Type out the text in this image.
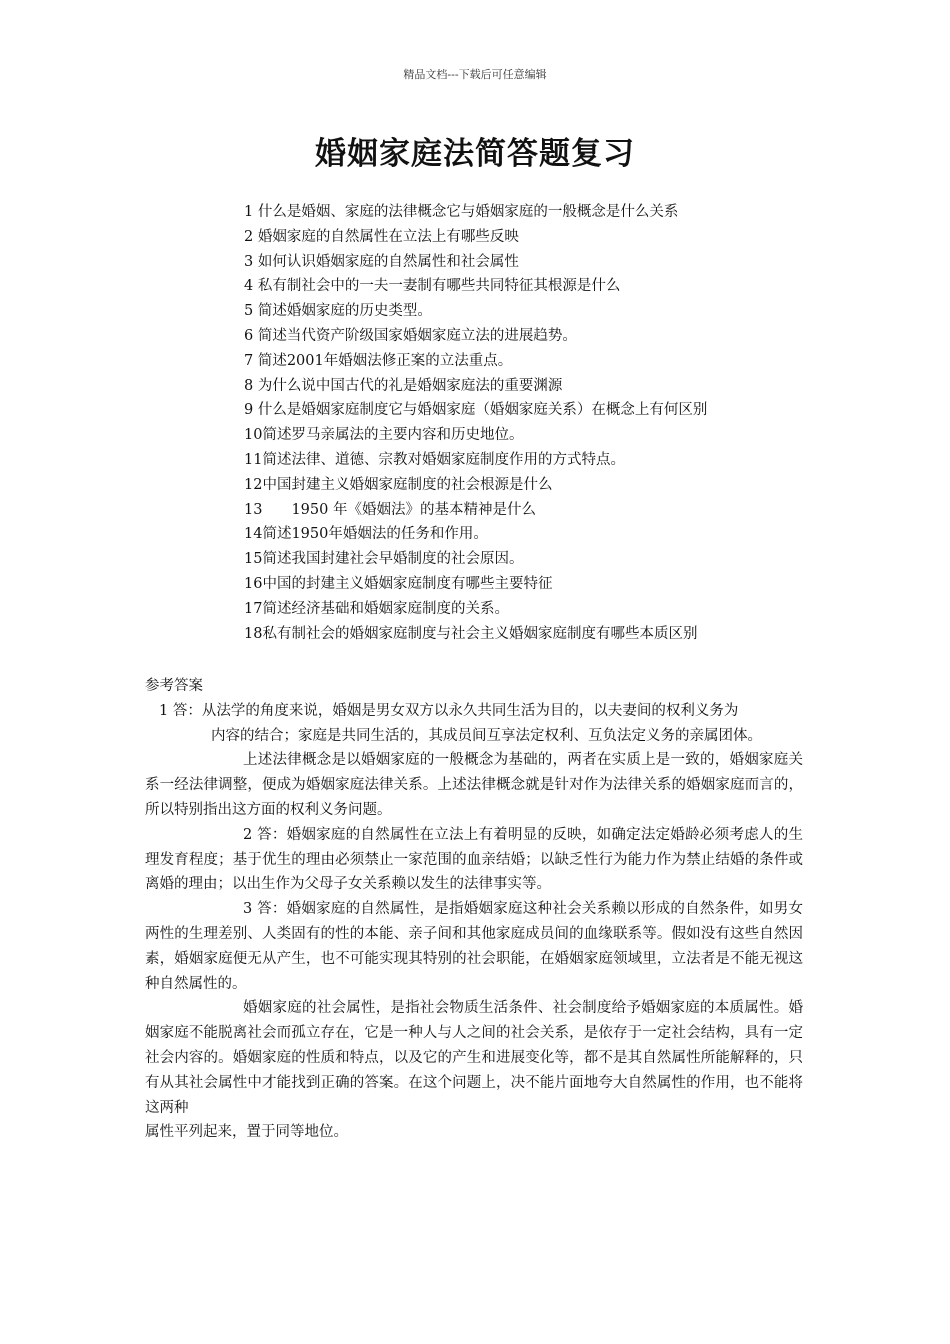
精品文档---下载后可任意编辑
婚姻家庭法简答题复习
1 什么是婚姻、家庭的法律概念它与婚姻家庭的一般概念是什么关系
2 婚姻家庭的自然属性在立法上有哪些反映
3 如何认识婚姻家庭的自然属性和社会属性
4 私有制社会中的一夫一妻制有哪些共同特征其根源是什么
5 简述婚姻家庭的历史类型。
6 简述当代资产阶级国家婚姻家庭立法的进展趋势。
7 简述2001年婚姻法修正案的立法重点。
8 为什么说中国古代的礼是婚姻家庭法的重要渊源
9 什么是婚姻家庭制度它与婚姻家庭（婚姻家庭关系）在概念上有何区别
10简述罗马亲属法的主要内容和历史地位。
11简述法律、道德、宗教对婚姻家庭制度作用的方式特点。
12中国封建主义婚姻家庭制度的社会根源是什么
13　　1950 年《婚姻法》的基本精神是什么
14简述1950年婚姻法的任务和作用。
15简述我国封建社会早婚制度的社会原因。
16中国的封建主义婚姻家庭制度有哪些主要特征
17简述经济基础和婚姻家庭制度的关系。
18私有制社会的婚姻家庭制度与社会主义婚姻家庭制度有哪些本质区别
参考答案

1 答：从法学的角度来说，婚姻是男女双方以永久共同生活为目的，以夫妻间的权利义务为

内容的结合；家庭是共同生活的，其成员间互享法定权利、互负法定义务的亲属团体。

上述法律概念是以婚姻家庭的一般概念为基础的，两者在实质上是一致的，婚姻家庭关系一经法律调整，便成为婚姻家庭法律关系。上述法律概念就是针对作为法律关系的婚姻家庭而言的，所以特别指出这方面的权利义务问题。

2 答：婚姻家庭的自然属性在立法上有着明显的反映，如确定法定婚龄必须考虑人的生理发育程度；基于优生的理由必须禁止一家范围的血亲结婚；以缺乏性行为能力作为禁止结婚的条件或离婚的理由；以出生作为父母子女关系赖以发生的法律事实等。

3 答：婚姻家庭的自然属性，是指婚姻家庭这种社会关系赖以形成的自然条件，如男女两性的生理差别、人类固有的性的本能、亲子间和其他家庭成员间的血缘联系等。假如没有这些自然因素，婚姻家庭便无从产生，也不可能实现其特别的社会职能，在婚姻家庭领域里，立法者是不能无视这种自然属性的。

婚姻家庭的社会属性，是指社会物质生活条件、社会制度给予婚姻家庭的本质属性。婚姻家庭不能脱离社会而孤立存在，它是一种人与人之间的社会关系，是依存于一定社会结构，具有一定社会内容的。婚姻家庭的性质和特点，以及它的产生和进展变化等，都不是其自然属性所能解释的，只有从其社会属性中才能找到正确的答案。在这个问题上，决不能片面地夸大自然属性的作用，也不能将这两种

属性平列起来，置于同等地位。
